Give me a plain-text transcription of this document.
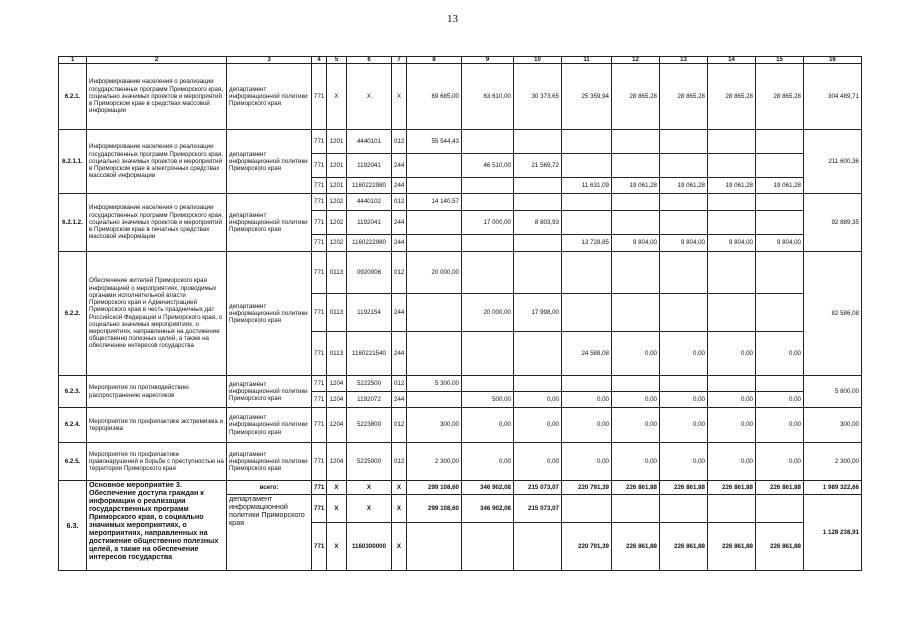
13
1	2	3	4	5	6	7	8	9	10	11	12	13	14	15	16
6.2.1.	Информирование населения о реализации государственных программ Приморского края, социально значимых проектов и мероприятий в Приморском крае в средствах массовой информации	департамент информационной политики Приморского края	771	X	X	X	69 685,00	63 610,00	30 373,65	25 359,94	28 865,28	28 865,28	28 865,28	28 865,28	304 489,71
6.2.1.1.	Информирование населения о реализации государственных программ Приморского края, социально значимых проектов и мероприятий в Приморском крае в электронных средствах массовой информации	департамент информационной политики Приморского края	771	1201	4440101	012	55 544,43								211 600,36
			771	1201	1192041	244		46 510,00	21 569,72						
			771	1201	1160222980	244				11 631,09	19 061,28	19 061,28	19 061,28	19 061,28	
6.2.1.2.	Информирование населения о реализации государственных программ Приморского края, социально значимых проектов и мероприятий в Приморском крае в печатных средствах массовой информации	департамент информационной политики Приморского края	771	1202	4440102	012	14 140,57								92 889,35
			771	1202	1192041	244		17 000,00	8 803,93						
			771	1202	1160222980	244				13 728,85	9 804,00	9 804,00	9 804,00	9 804,00	
6.2.2.	Обеспечение жителей Приморского края информацией о мероприятиях, проводимых органами исполнительной власти Приморского края и Администрацией Приморского края в честь праздничных дат Российской Федерации и Приморского края, о социально значимых мероприятиях, о мероприятиях, направленных на достижение общественно полезных целей, а также на обеспечение интересов государства	департамент информационной политики Приморского края	771	0113	0920006	012	20 000,00								82 586,08
			771	0113	1192154	244		20 000,00	17 998,00						
			771	0113	1160221540	244				24 588,08	0,00	0,00	0,00	0,00	
6.2.3.	Мероприятия по противодействию распространению наркотиков	департамент информационной политики Приморского края	771	1204	5222500	012	5 300,00								5 800,00
			771	1204	1192072	244		500,00	0,00	0,00	0,00	0,00	0,00	0,00	
6.2.4.	Мероприятия по профилактике экстремизма и терроризма	департамент информационной политики Приморского края	771	1204	5223800	012	300,00	0,00	0,00	0,00	0,00	0,00	0,00	0,00	300,00
6.2.5.	Мероприятия по профилактике правонарушений и борьбе с преступностью на территории Приморского края	департамент информационной политики Приморского края	771	1204	5225000	012	2 300,00	0,00	0,00	0,00	0,00	0,00	0,00	0,00	2 300,00
6.3.	Основное мероприятие 3. Обеспечение доступа граждан к информации о реализации государственных программ Приморского края, о социально значимых мероприятиях, о мероприятиях, направленных на достижение общественно полезных целей, а также на обеспечение интересов государства	всего:	771	X	X	X	299 108,60	346 902,08	215 073,07	220 791,39	226 861,88	226 861,88	226 861,88	226 861,88	1 989 322,66
		департамент информационной политики Приморского края	771	X	X	X	299 108,60	346 902,08	215 073,07						1 128 238,91
			771	X	1160300000	X				220 791,39	226 861,88	226 861,88	226 861,88	226 861,88	
